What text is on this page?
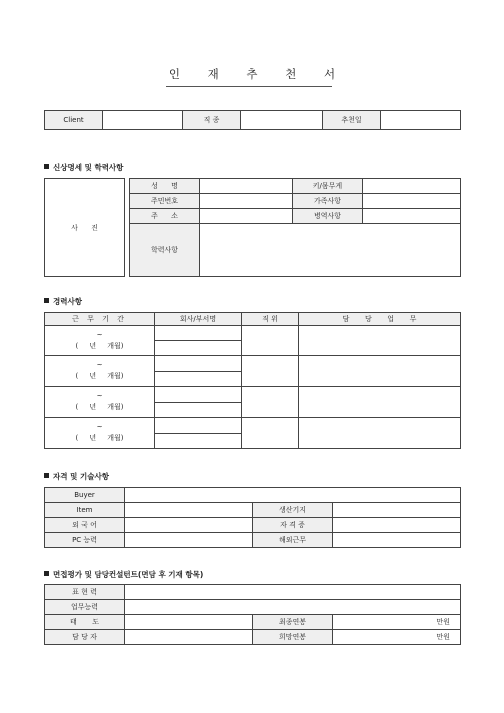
인 재 추 천 서
Client		직 종		추천일	
신상명세 및 학력사항
사      진
성      명		키/몸무게	
주민번호		가족사항	
주      소		병역사항	
학력사항			
경력사항
근 무 기 간	회사/부서명	직 위	담       당       업       무

~
(     년     개월)			

~
(     년     개월)			

~
(     년     개월)			

~
(     년     개월)			

자격 및 기술사항
Buyer			
Item		생산기지	
외 국 어		자 격 증	
PC 능력		해외근무	
면접평가 및 담당컨설턴트(면담 후 기재 항목)
표 현 력			
업무능력			
태       도		최종연봉	만원
담 당 자		희망연봉	만원
